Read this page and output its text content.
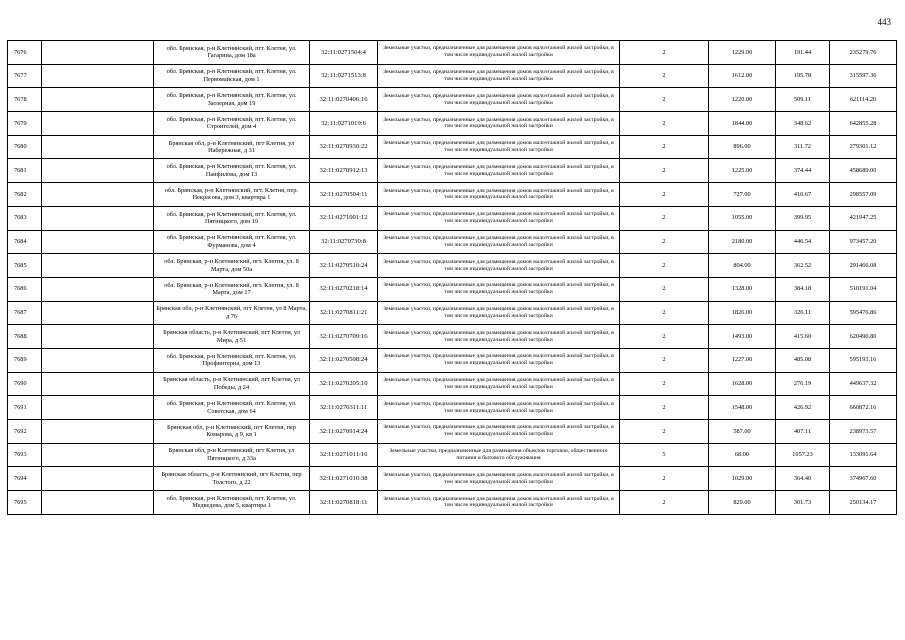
443
7676		обл. Брянская, р-н Клетнянский, пгт. Клетня, ул. Гагарина, дом 18а	32:11:0271504:4	Земельные участки, предназначенные для размещения домов малоэтажной жилой застройки, в том числе индивидуальной жилой застройки	2	1229.00	191.44	235279.76
7677		обл. Брянская, р-н Клетнянский, пгт. Клетня, ул. Первомайская, дом 1	32:11:0271513:8	Земельные участки, предназначенные для размещения домов малоэтажной жилой застройки, в том числе индивидуальной жилой застройки	2	1612.00	195.78	315597.36
7678		обл. Брянская, р-н Клетнянский, пгт. Клетня, ул. Заозерная, дом 19	32:11:0270406:16	Земельные участки, предназначенные для размещения домов малоэтажной жилой застройки, в том числе индивидуальной жилой застройки	2	1220.00	509.11	621114.20
7679		обл. Брянская, р-н Клетнянский, пгт. Клетня, ул. Строителей, дом 4	32:11:0271019:6	Земельные участки, предназначенные для размещения домов малоэтажной жилой застройки, в том числе индивидуальной жилой застройки	2	1844.00	348.62	642855.28
7680		Брянская обл, р-н Клетнянский, пгт Клетня, ул Набережная, д 31	32:11:0270930:22	Земельные участки, предназначенные для размещения домов малоэтажной жилой застройки, в том числе индивидуальной жилой застройки	2	896.00	311.72	279301.12
7681		обл. Брянская, р-н Клетнянский, пгт. Клетня, ул. Панфилова, дом 13	32:11:0270912:13	Земельные участки, предназначенные для размещения домов малоэтажной жилой застройки, в том числе индивидуальной жилой застройки	2	1225.00	374.44	458689.00
7682		обл. Брянская, р-н Клетнянский, пгт. Клетня, пер. Некрасова, дом 3, квартира 1	32:11:0270504:11	Земельные участки, предназначенные для размещения домов малоэтажной жилой застройки, в том числе индивидуальной жилой застройки	2	727.00	410.67	298557.09
7683		обл. Брянская, р-н Клетнянский, пгт. Клетня, ул. Пятницкого, дом 19	32:11:0271001:12	Земельные участки, предназначенные для размещения домов малоэтажной жилой застройки, в том числе индивидуальной жилой застройки	2	1055.00	399.95	421947.25
7684		обл. Брянская, р-н Клетнянский, пгт. Клетня, ул. Фурманова, дом 4	32:11:0270730:8	Земельные участки, предназначенные для размещения домов малоэтажной жилой застройки, в том числе индивидуальной жилой застройки	2	2180.00	446.54	973457.20
7685		обл. Брянская, р-н Клетнянский, пгт. Клетня, ул. 8 Марта, дом 50а	32:11:0270510:24	Земельные участки, предназначенные для размещения домов малоэтажной жилой застройки, в том числе индивидуальной жилой застройки	2	804.00	362.52	291466.08
7686		обл. Брянская, р-н Клетнянский, пгт. Клетня, ул. 8 Марта, дом 17	32:11:0270218:14	Земельные участки, предназначенные для размещения домов малоэтажной жилой застройки, в том числе индивидуальной жилой застройки	2	1328.00	384.18	510191.04
7687		Брянская обл, р-н Клетнянский, пгт Клетня, ул 8 Марта, д 76	32:11:0270811:21	Земельные участки, предназначенные для размещения домов малоэтажной жилой застройки, в том числе индивидуальной жилой застройки	2	1826.00	326.11	595476.86
7688		Брянская область, р-н Клетнянский, пгт Клетня, ул Мира, д 51	32:11:0270709:16	Земельные участки, предназначенные для размещения домов малоэтажной жилой застройки, в том числе индивидуальной жилой застройки	2	1493.00	415.60	620490.80
7689		обл. Брянская, р-н Клетнянский, пгт. Клетня, ул. Профинтерна, дом 13	32:11:0270508:24	Земельные участки, предназначенные для размещения домов малоэтажной жилой застройки, в том числе индивидуальной жилой застройки	2	1227.00	485.08	595193.16
7690		Брянская область, р-н Клетнянский, пгт Клетня, ул Победы, д 24	32:11:0270205:10	Земельные участки, предназначенные для размещения домов малоэтажной жилой застройки, в том числе индивидуальной жилой застройки	2	1628.00	276.19	449637.32
7691		обл. Брянская, р-н Клетнянский, пгт. Клетня, ул. Советская, дом 64	32:11:0270311:11	Земельные участки, предназначенные для размещения домов малоэтажной жилой застройки, в том числе индивидуальной жилой застройки	2	1548.00	426.92	660872.16
7692		Брянская обл, р-н Клетнянский, пгт Клетня, пер Комарова, д 9, кв 1	32:11:0270914:24	Земельные участки, предназначенные для размещения домов малоэтажной жилой застройки, в том числе индивидуальной жилой застройки	2	587.00	407.11	238973.57
7693		Брянская обл, р-н Клетнянский, пгт Клетня, ул Пятницкого, д 33а	32:11:0271011:16	Земельные участки, предназначенные для размещения объектов торговли, общественного питания и бытового обслуживания	5	68.00	1957.23	133091.64
7694		Брянская область, р-н Клетнянский, пгт Клетня, пер Толстого, д 22	32:11:0271010:38	Земельные участки, предназначенные для размещения домов малоэтажной жилой застройки, в том числе индивидуальной жилой застройки	2	1029.00	364.40	374967.60
7695		обл. Брянская, р-н Клетнянский, пгт. Клетня, ул. Медведева, дом 5, квартира 1	32:11:0270818:11	Земельные участки, предназначенные для размещения домов малоэтажной жилой застройки, в том числе индивидуальной жилой застройки	2	829.00	301.73	250134.17
